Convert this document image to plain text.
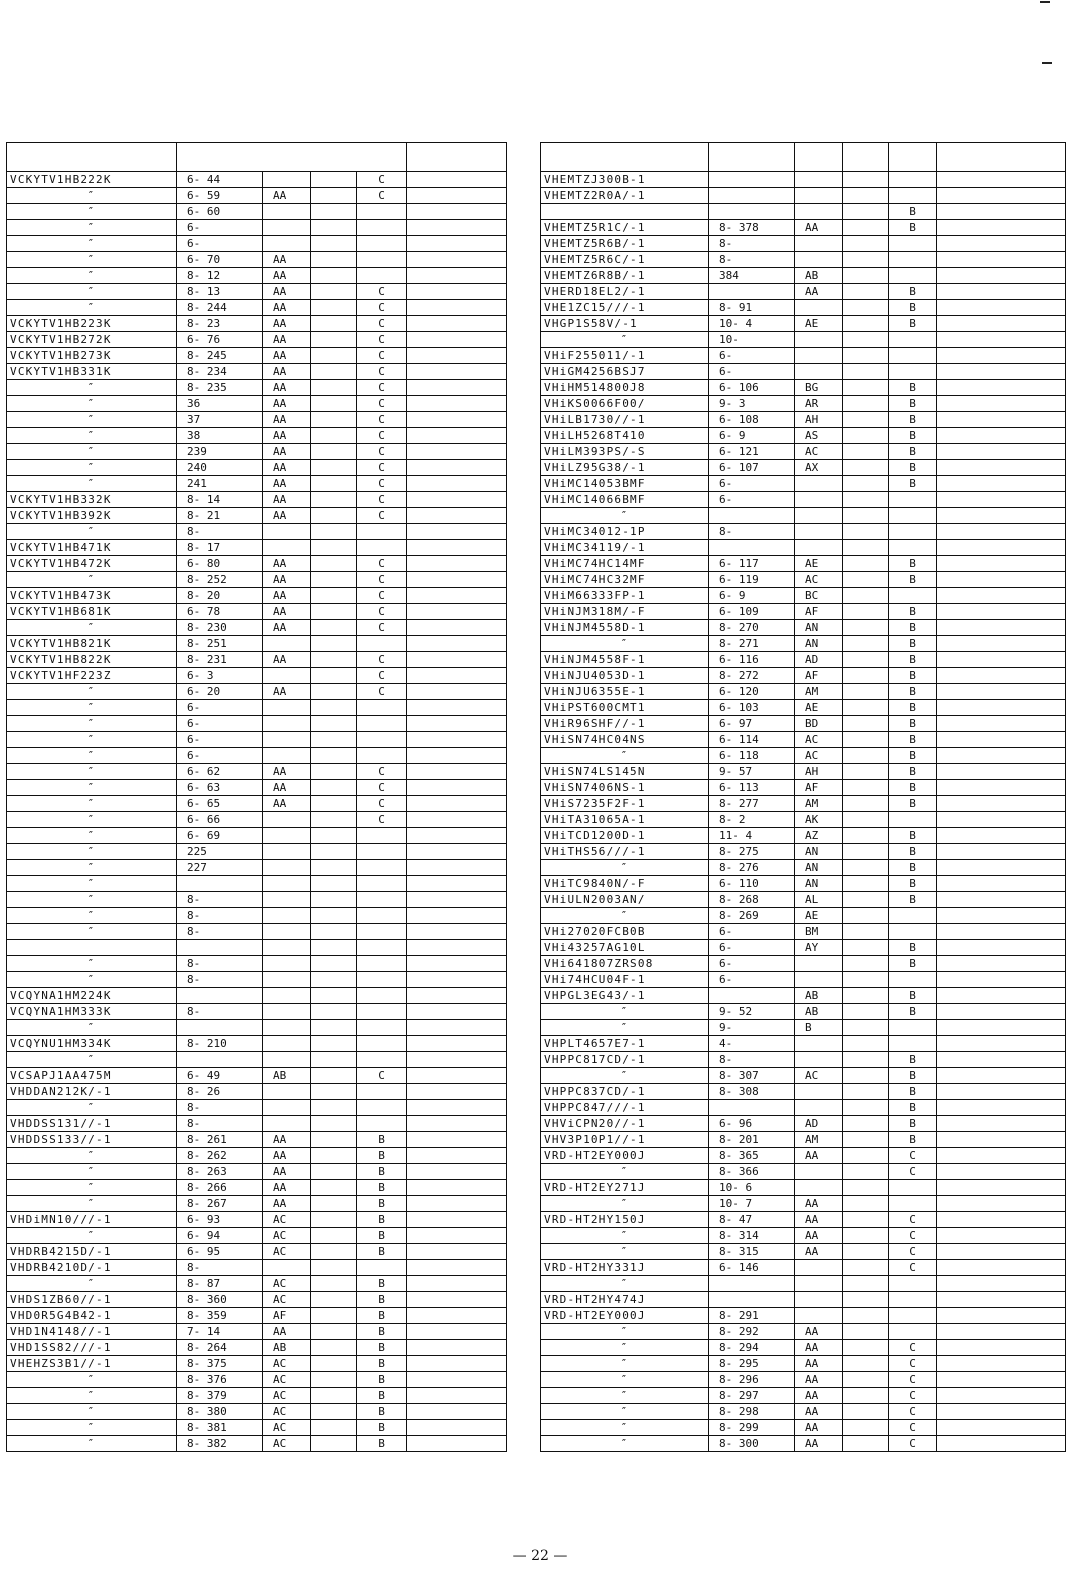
VCKYTV1HB222K	6- 44			C	
″	6- 59	AA		C	
″	6- 60				
″	6-				
″	6-				
″	6- 70	AA			
″	8- 12	AA			
″	8- 13	AA		C	
″	8- 244	AA		C	
VCKYTV1HB223K	8- 23	AA		C	
VCKYTV1HB272K	6- 76	AA		C	
VCKYTV1HB273K	8- 245	AA		C	
VCKYTV1HB331K	8- 234	AA		C	
″	8- 235	AA		C	
″	36	AA		C	
″	37	AA		C	
″	38	AA		C	
″	239	AA		C	
″	240	AA		C	
″	241	AA		C	
VCKYTV1HB332K	8- 14	AA		C	
VCKYTV1HB392K	8- 21	AA		C	
″	8-				
VCKYTV1HB471K	8- 17				
VCKYTV1HB472K	6- 80	AA		C	
″	8- 252	AA		C	
VCKYTV1HB473K	8- 20	AA		C	
VCKYTV1HB681K	6- 78	AA		C	
″	8- 230	AA		C	
VCKYTV1HB821K	8- 251				
VCKYTV1HB822K	8- 231	AA		C	
VCKYTV1HF223Z	6- 3			C	
″	6- 20	AA		C	
″	6-				
″	6-				
″	6-				
″	6-				
″	6- 62	AA		C	
″	6- 63	AA		C	
″	6- 65	AA		C	
″	6- 66			C	
″	6- 69				
″	225				
″	227				
″					
″	8-				
″	8-				
″	8-				

″	8-				
″	8-				
VCQYNA1HM224K					
VCQYNA1HM333K	8-				
″					
VCQYNU1HM334K	8- 210				
″					
VCSAPJ1AA475M	6- 49	AB		C	
VHDDAN212K/-1	8- 26				
″	8-				
VHDDSS131//-1	8-				
VHDDSS133//-1	8- 261	AA		B	
″	8- 262	AA		B	
″	8- 263	AA		B	
″	8- 266	AA		B	
″	8- 267	AA		B	
VHDiMN10///-1	6- 93	AC		B	
″	6- 94	AC		B	
VHDRB4215D/-1	6- 95	AC		B	
VHDRB4210D/-1	8-				
″	8- 87	AC		B	
VHDS1ZB60//-1	8- 360	AC		B	
VHD0R5G4B42-1	8- 359	AF		B	
VHD1N4148//-1	7- 14	AA		B	
VHD1SS82///-1	8- 264	AB		B	
VHEHZS3B1//-1	8- 375	AC		B	
″	8- 376	AC		B	
″	8- 379	AC		B	
″	8- 380	AC		B	
″	8- 381	AC		B	
″	8- 382	AC		B	

VHEMTZJ300B-1					
VHEMTZ2R0A/-1					
				B	
VHEMTZ5R1C/-1	8- 378	AA		B	
VHEMTZ5R6B/-1	8-				
VHEMTZ5R6C/-1	8-				
VHEMTZ6R8B/-1	384	AB			
VHERD18EL2/-1		AA		B	
VHE1ZC15///-1	8- 91			B	
VHGP1S58V/-1	10- 4	AE		B	
″	10-				
VHiF255011/-1	6-				
VHiGM4256BSJ7	6-				
VHiHM514800J8	6- 106	BG		B	
VHiKS0066F00/	9- 3	AR		B	
VHiLB1730//-1	6- 108	AH		B	
VHiLH5268T410	6- 9	AS		B	
VHiLM393PS/-S	6- 121	AC		B	
VHiLZ95G38/-1	6- 107	AX		B	
VHiMC14053BMF	6-			B	
VHiMC14066BMF	6-				
″					
VHiMC34012-1P	8-				
VHiMC34119/-1					
VHiMC74HC14MF	6- 117	AE		B	
VHiMC74HC32MF	6- 119	AC		B	
VHiM66333FP-1	6- 9	BC			
VHiNJM318M/-F	6- 109	AF		B	
VHiNJM4558D-1	8- 270	AN		B	
″	8- 271	AN		B	
VHiNJM4558F-1	6- 116	AD		B	
VHiNJU4053D-1	8- 272	AF		B	
VHiNJU6355E-1	6- 120	AM		B	
VHiPST600CMT1	6- 103	AE		B	
VHiR96SHF//-1	6- 97	BD		B	
VHiSN74HC04NS	6- 114	AC		B	
″	6- 118	AC		B	
VHiSN74LS145N	9- 57	AH		B	
VHiSN7406NS-1	6- 113	AF		B	
VHiS7235F2F-1	8- 277	AM		B	
VHiTA31065A-1	8- 2	AK			
VHiTCD1200D-1	11- 4	AZ		B	
VHiTHS56///-1	8- 275	AN		B	
″	8- 276	AN		B	
VHiTC9840N/-F	6- 110	AN		B	
VHiULN2003AN/	8- 268	AL		B	
″	8- 269	AE			
VHi27020FCB0B	6-	BM			
VHi43257AG10L	6-	AY		B	
VHi641807ZRS08	6-			B	
VHi74HCU04F-1	6-				
VHPGL3EG43/-1		AB		B	
″	9- 52	AB		B	
″	9-	B			
VHPLT4657E7-1	4-				
VHPPC817CD/-1	8-			B	
″	8- 307	AC		B	
VHPPC837CD/-1	8- 308			B	
VHPPC847///-1				B	
VHViCPN20//-1	6- 96	AD		B	
VHV3P10P1//-1	8- 201	AM		B	
VRD-HT2EY000J	8- 365	AA		C	
″	8- 366			C	
VRD-HT2EY271J	10- 6				
″	10- 7	AA			
VRD-HT2HY150J	8- 47	AA		C	
″	8- 314	AA		C	
″	8- 315	AA		C	
VRD-HT2HY331J	6- 146			C	
″					
VRD-HT2HY474J					
VRD-HT2EY000J	8- 291				
″	8- 292	AA			
″	8- 294	AA		C	
″	8- 295	AA		C	
″	8- 296	AA		C	
″	8- 297	AA		C	
″	8- 298	AA		C	
″	8- 299	AA		C	
″	8- 300	AA		C	
— 22 —
